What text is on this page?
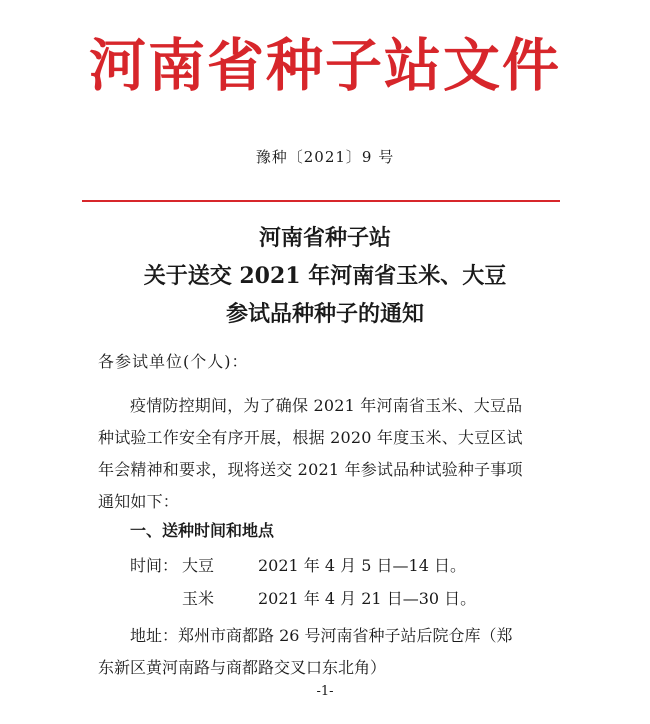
河南省种子站文件
豫种〔2021〕9 号
河南省种子站
关于送交 2021 年河南省玉米、大豆
参试品种种子的通知
各参试单位(个人)：
疫情防控期间，为了确保 2021 年河南省玉米、大豆品
种试验工作安全有序开展，根据 2020 年度玉米、大豆区试
年会精神和要求，现将送交 2021 年参试品种试验种子事项
通知如下：
一、送种时间和地点
时间： 大豆	2021 年 4 月 5 日—14 日。
玉米	2021 年 4 月 21 日—30 日。
地址：郑州市商都路 26 号河南省种子站后院仓库（郑
东新区黄河南路与商都路交叉口东北角）
-1-
